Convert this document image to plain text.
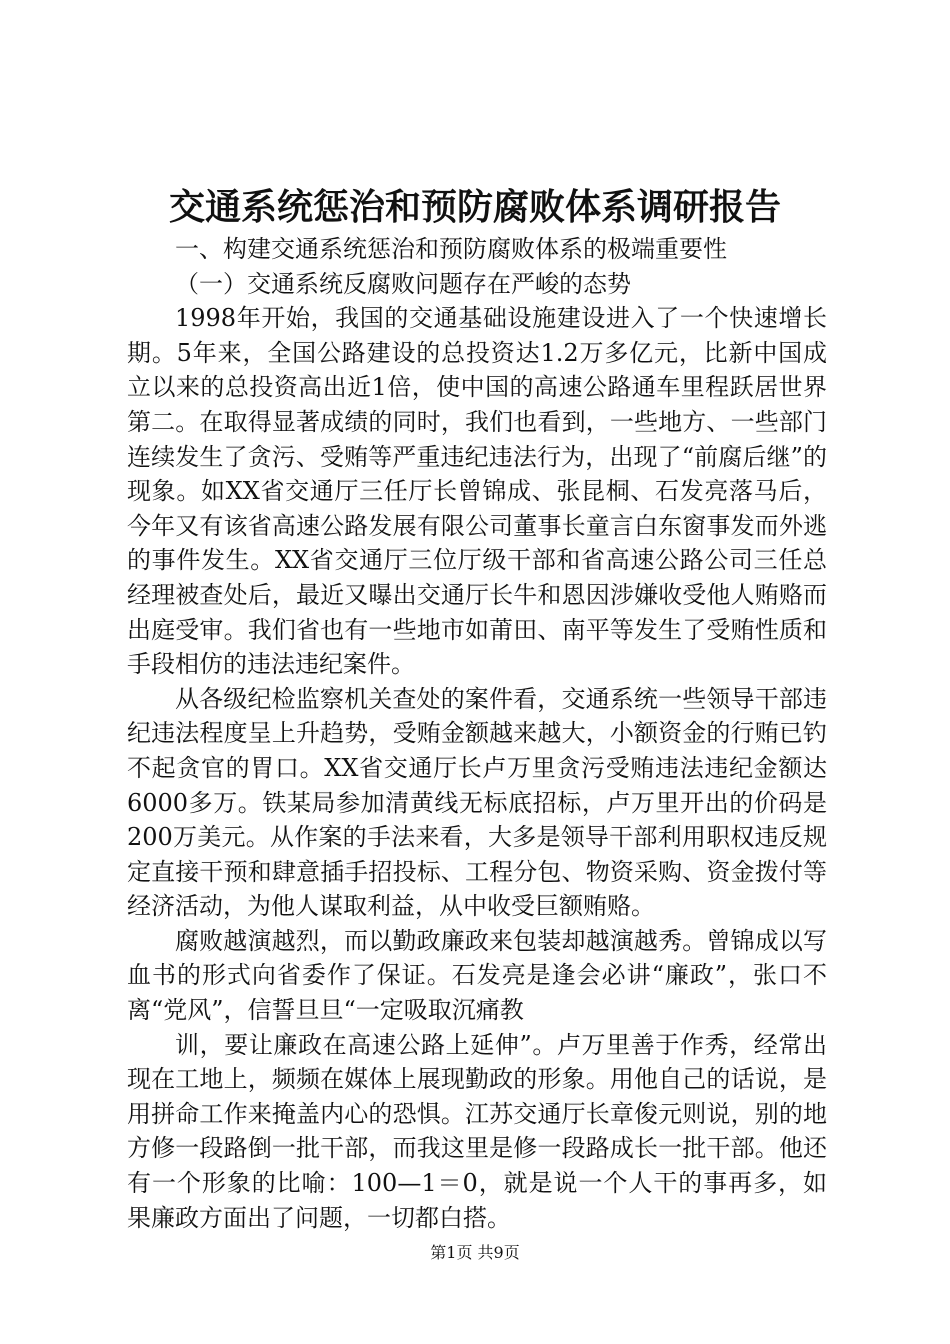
交通系统惩治和预防腐败体系调研报告

一、构建交通系统惩治和预防腐败体系的极端重要性

（一）交通系统反腐败问题存在严峻的态势

1998年开始，我国的交通基础设施建设进入了一个快速增长期。5年来，全国公路建设的总投资达1.2万多亿元，比新中国成立以来的总投资高出近1倍，使中国的高速公路通车里程跃居世界第二。在取得显著成绩的同时，我们也看到，一些地方、一些部门连续发生了贪污、受贿等严重违纪违法行为，出现了“前腐后继”的现象。如XX省交通厅三任厅长曾锦成、张昆桐、石发亮落马后，今年又有该省高速公路发展有限公司董事长童言白东窗事发而外逃的事件发生。XX省交通厅三位厅级干部和省高速公路公司三任总经理被查处后，最近又曝出交通厅长牛和恩因涉嫌收受他人贿赂而出庭受审。我们省也有一些地市如莆田、南平等发生了受贿性质和手段相仿的违法违纪案件。

从各级纪检监察机关查处的案件看，交通系统一些领导干部违纪违法程度呈上升趋势，受贿金额越来越大，小额资金的行贿已钓不起贪官的胃口。XX省交通厅长卢万里贪污受贿违法违纪金额达6000多万。铁某局参加清黄线无标底招标，卢万里开出的价码是200万美元。从作案的手法来看，大多是领导干部利用职权违反规定直接干预和肆意插手招投标、工程分包、物资采购、资金拨付等经济活动，为他人谋取利益，从中收受巨额贿赂。

腐败越演越烈，而以勤政廉政来包装却越演越秀。曾锦成以写血书的形式向省委作了保证。石发亮是逢会必讲“廉政”，张口不离“党风”，信誓旦旦“一定吸取沉痛教

训，要让廉政在高速公路上延伸”。卢万里善于作秀，经常出现在工地上，频频在媒体上展现勤政的形象。用他自己的话说，是用拼命工作来掩盖内心的恐惧。江苏交通厅长章俊元则说，别的地方修一段路倒一批干部，而我这里是修一段路成长一批干部。他还有一个形象的比喻：100—1＝0，就是说一个人干的事再多，如果廉政方面出了问题，一切都白搭。

第1页 共9页
